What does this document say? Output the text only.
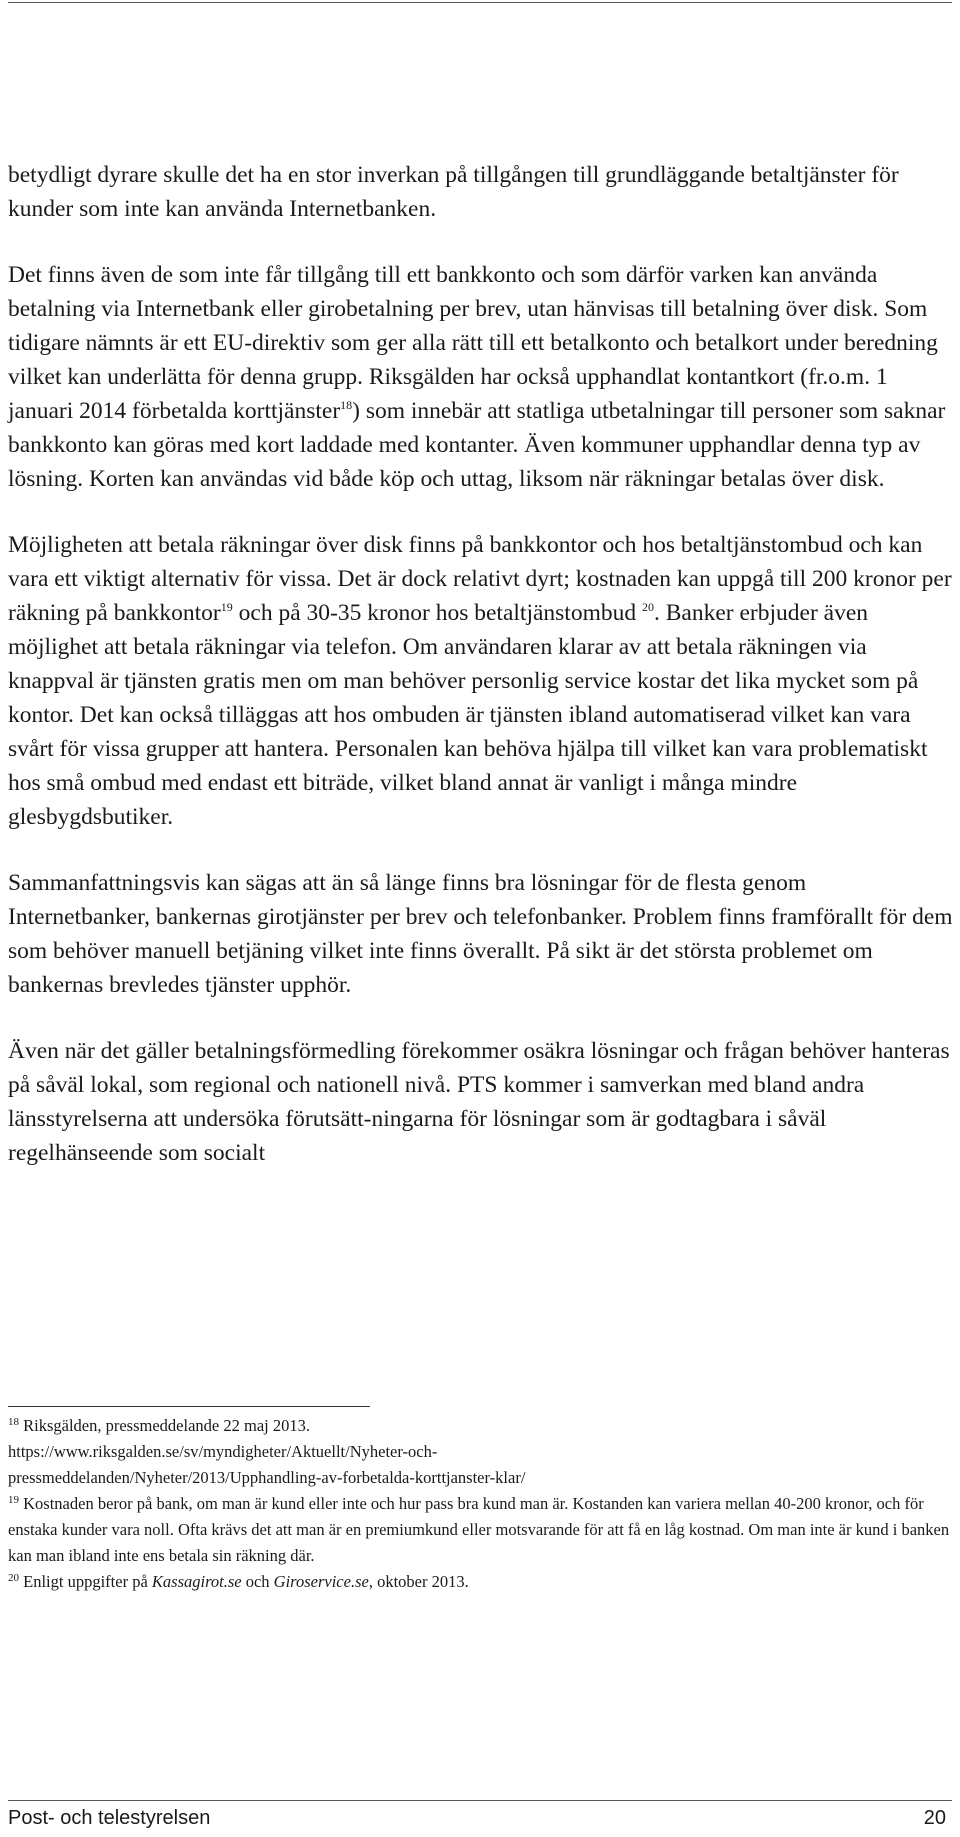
betydligt dyrare skulle det ha en stor inverkan på tillgången till grundläggande betaltjänster för kunder som inte kan använda Internetbanken.

Det finns även de som inte får tillgång till ett bankkonto och som därför varken kan använda betalning via Internetbank eller girobetalning per brev, utan hänvisas till betalning över disk. Som tidigare nämnts är ett EU-direktiv som ger alla rätt till ett betalkonto och betalkort under beredning vilket kan underlätta för denna grupp. Riksgälden har också upphandlat kontantkort (fr.o.m. 1 januari 2014 förbetalda korttjänster$^{18}$) som innebär att statliga utbetalningar till personer som saknar bankkonto kan göras med kort laddade med kontanter. Även kommuner upphandlar denna typ av lösning. Korten kan användas vid både köp och uttag, liksom när räkningar betalas över disk.

Möjligheten att betala räkningar över disk finns på bankkontor och hos betaltjänstombud och kan vara ett viktigt alternativ för vissa. Det är dock relativt dyrt; kostnaden kan uppgå till 200 kronor per räkning på bankkontor$^{19}$ och på 30-35 kronor hos betaltjänstombud $^{20}$. Banker erbjuder även möjlighet att betala räkningar via telefon. Om användaren klarar av att betala räkningen via knappval är tjänsten gratis men om man behöver personlig service kostar det lika mycket som på kontor. Det kan också tilläggas att hos ombuden är tjänsten ibland automatiserad vilket kan vara svårt för vissa grupper att hantera. Personalen kan behöva hjälpa till vilket kan vara problematiskt hos små ombud med endast ett biträde, vilket bland annat är vanligt i många mindre glesbygdsbutiker.

Sammanfattningsvis kan sägas att än så länge finns bra lösningar för de flesta genom Internetbanker, bankernas girotjänster per brev och telefonbanker. Problem finns framförallt för dem som behöver manuell betjäning vilket inte finns överallt. På sikt är det största problemet om bankernas brevledes tjänster upphör.

Även när det gäller betalningsförmedling förekommer osäkra lösningar och frågan behöver hanteras på såväl lokal, som regional och nationell nivå. PTS kommer i samverkan med bland andra länsstyrelserna att undersöka förutsätt-ningarna för lösningar som är godtagbara i såväl regelhänseende som socialt

$^{18}$ Riksgälden, pressmeddelande 22 maj 2013.

https://www.riksgalden.se/sv/myndigheter/Aktuellt/Nyheter-och-
pressmeddelanden/Nyheter/2013/Upphandling-av-forbetalda-korttjanster-klar/

$^{19}$ Kostnaden beror på bank, om man är kund eller inte och hur pass bra kund man är. Kostanden kan variera mellan 40-200 kronor, och för enstaka kunder vara noll. Ofta krävs det att man är en premiumkund eller motsvarande för att få en låg kostnad. Om man inte är kund i banken kan man ibland inte ens betala sin räkning där.

$^{20}$ Enligt uppgifter på Kassagirot.se och Giroservice.se, oktober 2013.

Post- och telestyrelsen	20
